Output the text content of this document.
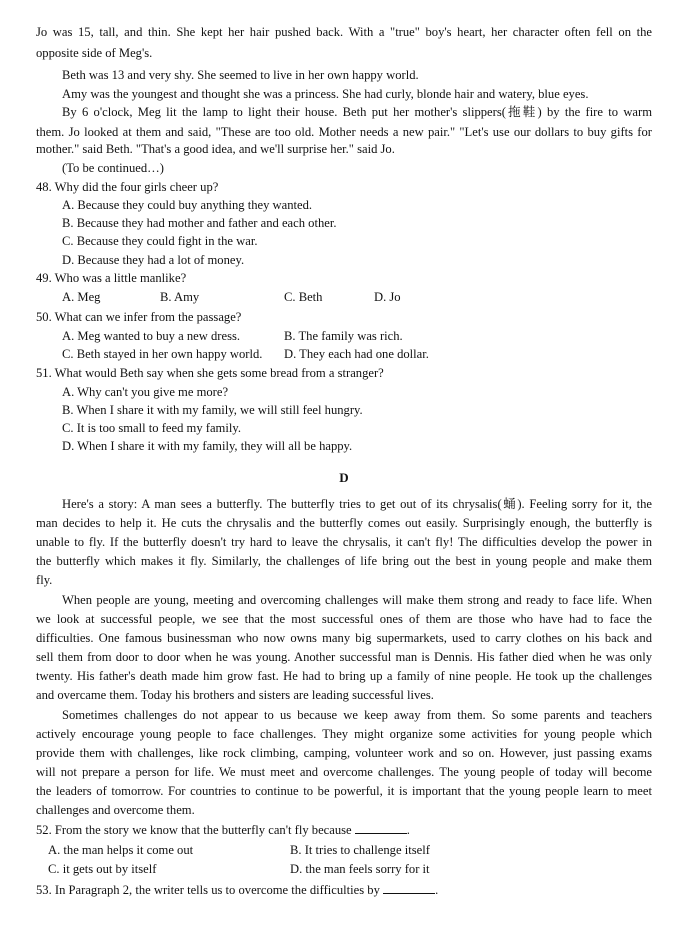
Jo was 15, tall, and thin. She kept her hair pushed back. With a "true" boy's heart, her character often fell on the
opposite side of Meg's.
Beth was 13 and very shy. She seemed to live in her own happy world.
Amy was the youngest and thought she was a princess. She had curly, blonde hair and watery, blue eyes.
By 6 o'clock, Meg lit the lamp to light their house. Beth put her mother's slippers(拖鞋) by the fire to warm
them. Jo looked at them and said, "These are too old. Mother needs a new pair." "Let's use our dollars to buy gifts for
mother." said Beth. "That's a good idea, and we'll surprise her." said Jo.
(To be continued…)
48. Why did the four girls cheer up?
A. Because they could buy anything they wanted.
B. Because they had mother and father and each other.
C. Because they could fight in the war.
D. Because they had a lot of money.
49. Who was a little manlike?
A. Meg	B. Amy	C. Beth	D. Jo
50. What can we infer from the passage?
A. Meg wanted to buy a new dress.	B. The family was rich.
C. Beth stayed in her own happy world. D. They each had one dollar.
51. What would Beth say when she gets some bread from a stranger?
A. Why can't you give me more?
B. When I share it with my family, we will still feel hungry.
C. It is too small to feed my family.
D. When I share it with my family, they will all be happy.
D
Here's a story: A man sees a butterfly. The butterfly tries to get out of its chrysalis(蛹). Feeling sorry for it, the
man decides to help it. He cuts the chrysalis and the butterfly comes out easily. Surprisingly enough, the butterfly is
unable to fly. If the butterfly doesn't try hard to leave the chrysalis, it can't fly! The difficulties develop the power in
the butterfly which makes it fly. Similarly, the challenges of life bring out the best in young people and make them
fly.
When people are young, meeting and overcoming challenges will make them strong and ready to face life. When
we look at successful people, we see that the most successful ones of them are those who have had to face the
difficulties. One famous businessman who now owns many big supermarkets, used to carry clothes on his back and
sell them from door to door when he was young. Another successful man is Dennis. His father died when he was only
twenty. His father's death made him grow fast. He had to bring up a family of nine people. He took up the challenges
and overcame them. Today his brothers and sisters are leading successful lives.
Sometimes challenges do not appear to us because we keep away from them. So some parents and teachers
actively encourage young people to face challenges. They might organize some activities for young people which
provide them with challenges, like rock climbing, camping, volunteer work and so on. However, just passing exams
will not prepare a person for life. We must meet and overcome challenges. The young people of today will become
the leaders of tomorrow. For countries to continue to be powerful, it is important that the young people learn to meet
challenges and overcome them.
52. From the story we know that the butterfly can't fly because	.
A. the man helps it come out	B. It tries to challenge itself
C. it gets out by itself	D. the man feels sorry for it
53. In Paragraph 2, the writer tells us to overcome the difficulties by	.
